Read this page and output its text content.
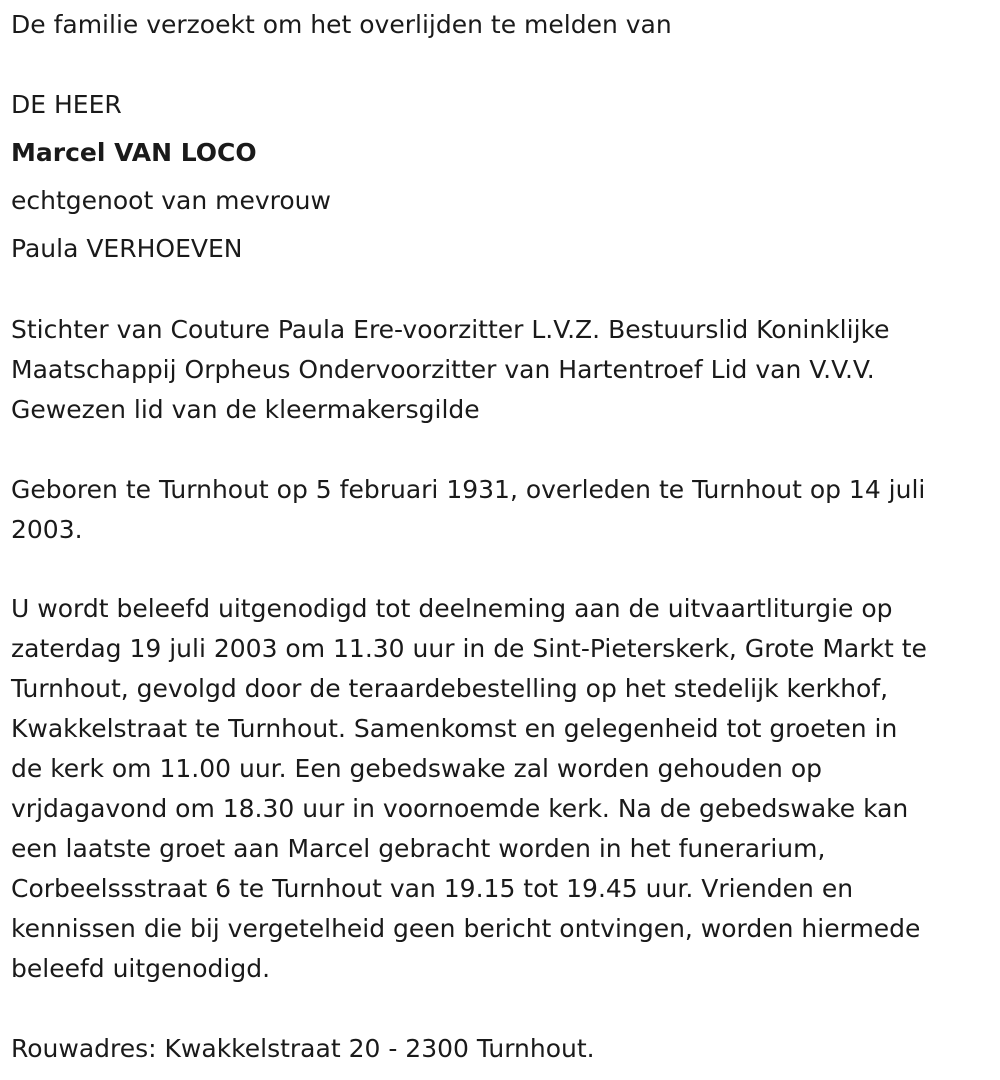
De familie verzoekt om het overlijden te melden van
DE HEER
Marcel VAN LOCO
echtgenoot van mevrouw
Paula VERHOEVEN
Stichter van Couture Paula Ere-voorzitter L.V.Z. Bestuurslid Koninklijke
Maatschappij Orpheus Ondervoorzitter van Hartentroef Lid van V.V.V.
Gewezen lid van de kleermakersgilde
Geboren te Turnhout op 5 februari 1931, overleden te Turnhout op 14 juli
2003.
U wordt beleefd uitgenodigd tot deelneming aan de uitvaartliturgie op
zaterdag 19 juli 2003 om 11.30 uur in de Sint-Pieterskerk, Grote Markt te
Turnhout, gevolgd door de teraardebestelling op het stedelijk kerkhof,
Kwakkelstraat te Turnhout. Samenkomst en gelegenheid tot groeten in
de kerk om 11.00 uur. Een gebedswake zal worden gehouden op
vrjdagavond om 18.30 uur in voornoemde kerk. Na de gebedswake kan
een laatste groet aan Marcel gebracht worden in het funerarium,
Corbeelssstraat 6 te Turnhout van 19.15 tot 19.45 uur. Vrienden en
kennissen die bij vergetelheid geen bericht ontvingen, worden hiermede
beleefd uitgenodigd.
Rouwadres: Kwakkelstraat 20 - 2300 Turnhout.
